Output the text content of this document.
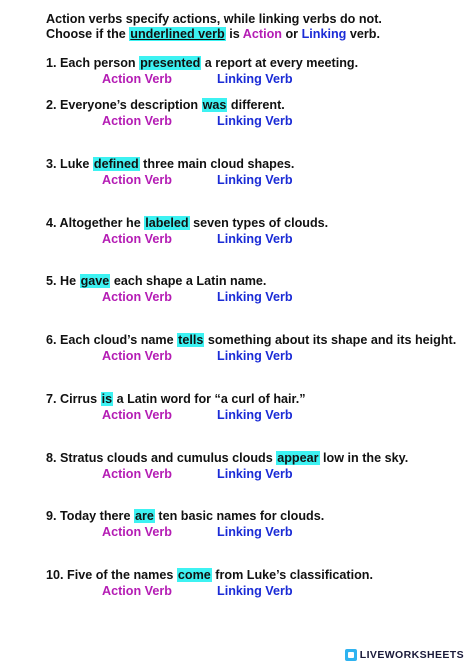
Action verbs specify actions, while linking verbs do not.
Choose if the underlined verb is Action or Linking verb.
1. Each person presented a report at every meeting.
Action Verb	Linking Verb
2. Everyone’s description was different.
Action Verb	Linking Verb
3. Luke defined three main cloud shapes.
Action Verb	Linking Verb
4. Altogether he labeled seven types of clouds.
Action Verb	Linking Verb
5. He gave each shape a Latin name.
Action Verb	Linking Verb
6. Each cloud’s name tells something about its shape and its height.
Action Verb	Linking Verb
7. Cirrus is a Latin word for “a curl of hair.”
Action Verb	Linking Verb
8. Stratus clouds and cumulus clouds appear low in the sky.
Action Verb	Linking Verb
9. Today there are ten basic names for clouds.
Action Verb	Linking Verb
10. Five of the names come from Luke’s classification.
Action Verb	Linking Verb
LIVEWORKSHEETS
